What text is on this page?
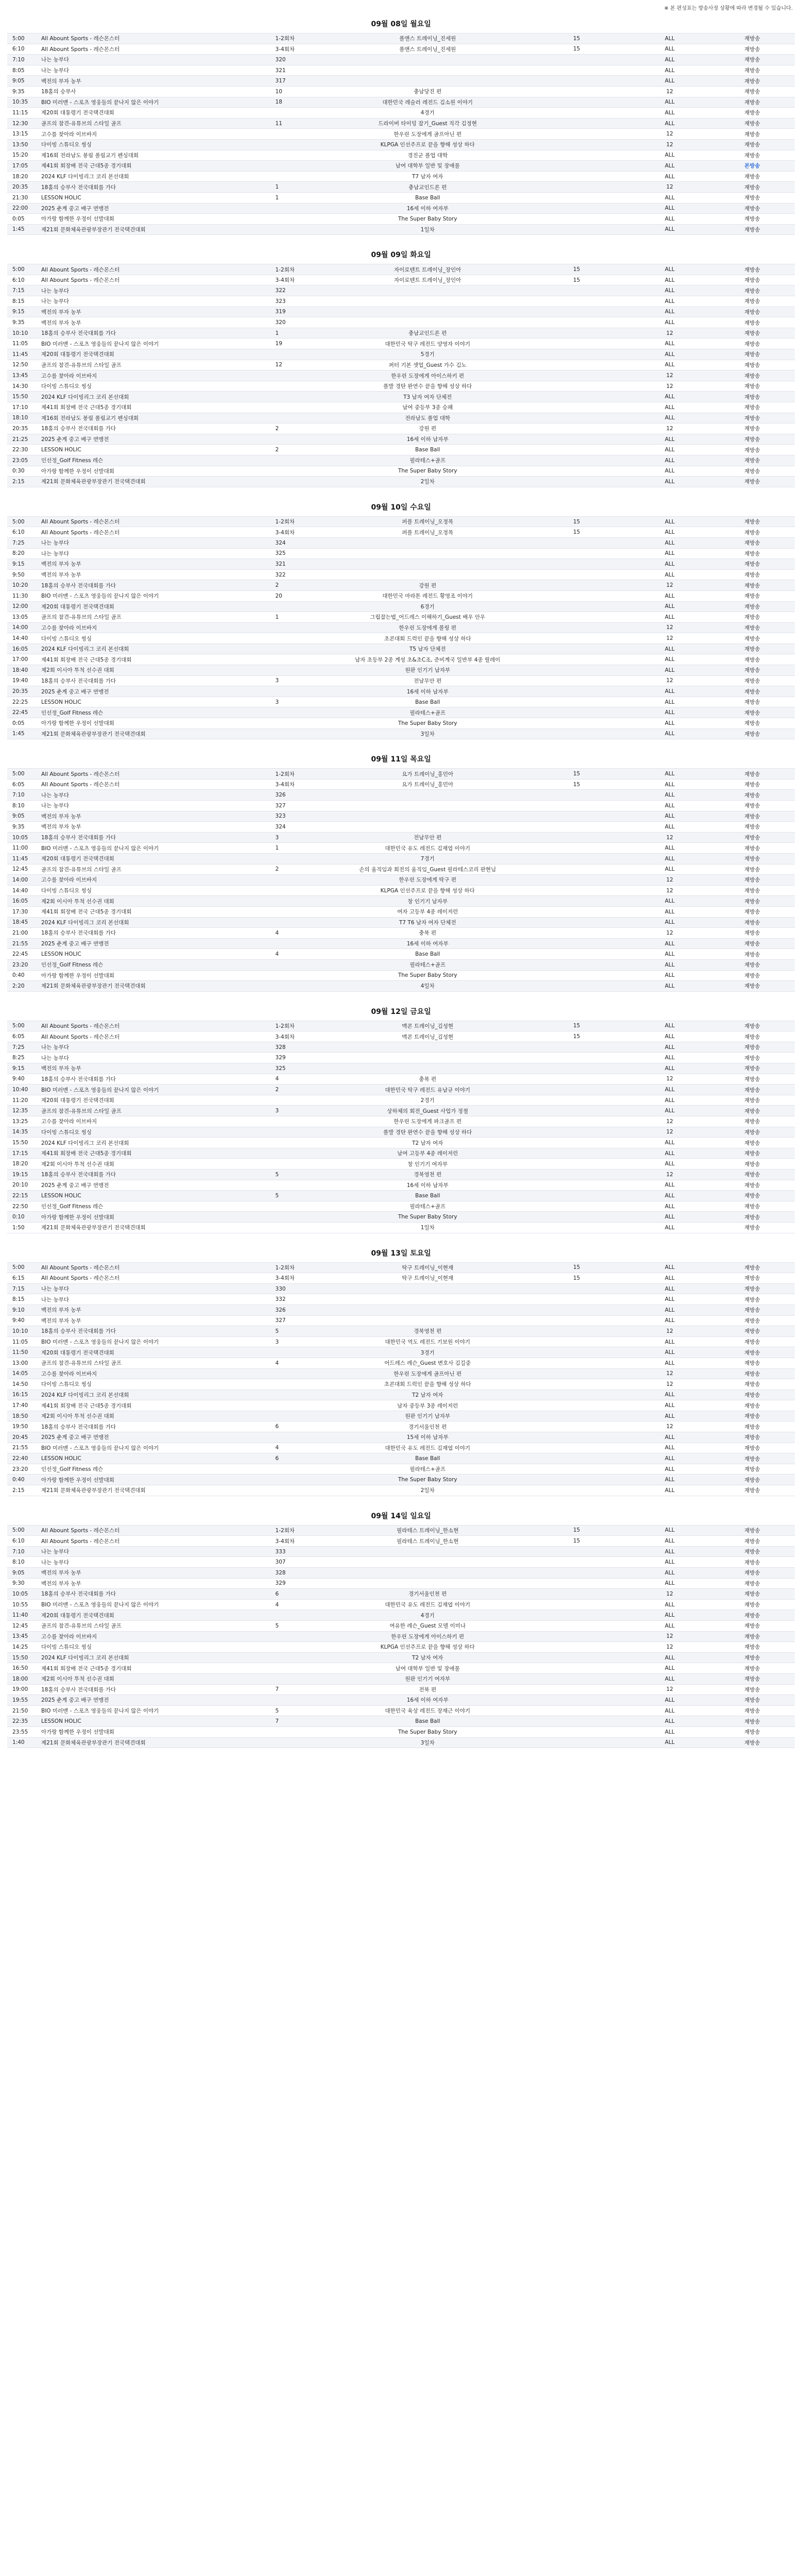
※ 본 편성표는 방송사정 상황에 따라 변경될 수 있습니다.
09월 08일 월요일
5:00	All Abount Sports - 레슨몬스터	1-2회차	폴앤스 트레이닝_진세원	15	ALL	재방송
6:10	All Abount Sports - 레슨몬스터	3-4회차	폴앤스 트레이닝_진세원	15	ALL	재방송
7:10	나는 농부다	320			ALL	재방송
8:05	나는 농부다	321			ALL	재방송
9:05	백전의 부자 농부	317			ALL	재방송
9:35	18홀의 승부사	10	충남당진 편		12	재방송
10:35	BIO 미러맨 - 스포츠 영웅들의 끝나지 않은 이야기	18	대한민국 레슬러 레전드 김소원 이야기		ALL	재방송
11:15	제20회 대통령기 전국택견대회		4경기		ALL	재방송
12:30	골프의 참견-유튜브의 스타일 골프	11	드라이버 타이밍 잡기_Guest 직각 김정현		ALL	재방송
13:15	고수를 찾아라 이브바지		한우린 도장에게 골프아닌 편		12	재방송
13:50	다이빙 스튜디오 씽싱		KLPGA 인선주프로 끝을 향해 성상 하다		12	재방송
15:20	제16회 전라남도 봉림 폴림교기 펜싱대회		경진군 폴업 대학		ALL	재방송
17:05	제41회 회장배 전국 근대5종 경기대회		남여 대학부 일반 및 장애물		ALL	본방송
18:20	2024 KLF 다이빙리그 코리 본선대회		T7 남자 여자		ALL	재방송
20:35	18홀의 승부사 전국대회를 가다	1	충남교인드론 편		12	재방송
21:30	LESSON HOLIC	1	Base Ball		ALL	재방송
22:00	2025 춘계 중고 배구 연맹전		16세 이하 여자부		ALL	재방송
0:05	아가랑 함께한 우정이 선발대회		The Super Baby Story		ALL	재방송
1:45	제21회 문화체육관광부장관기 전국택견대회		1일차		ALL	재방송
09월 09일 화요일
5:00	All Abount Sports - 레슨몬스터	1-2회차	자이로텐트 트레이닝_장인아	15	ALL	재방송
6:10	All Abount Sports - 레슨몬스터	3-4회차	자이로텐트 트레이닝_장인아	15	ALL	재방송
7:15	나는 농부다	322			ALL	재방송
8:15	나는 농부다	323			ALL	재방송
9:15	백전의 부자 농부	319			ALL	재방송
9:35	백전의 부자 농부	320			ALL	재방송
10:10	18홀의 승부사 전국대회를 가다	1	충남교인드론 편		12	재방송
11:05	BIO 미러맨 - 스포츠 영웅들의 끝나지 않은 이야기	19	대한민국 탁구 레전드 양영자 이야기		ALL	재방송
11:45	제20회 대통령기 전국택견대회		5경기		ALL	재방송
12:50	골프의 참견-유튜브의 스타일 골프	12	퍼터 기본 셋업_Guest 가수 김노		ALL	재방송
13:45	고수를 찾아라 이브바지		한우린 도장에게 아이스하키 편		12	재방송
14:30	다이빙 스튜디오 씽싱		폴발 경탄 완연수 끝을 향해 성상 하다		12	재방송
15:50	2024 KLF 다이빙리그 코리 본선대회		T3 남자 여자 단체전		ALL	재방송
17:10	제41회 회장배 전국 근대5종 경기대회		남여 중등부 3종 승패		ALL	재방송
18:10	제16회 전라남도 봉림 폴림교기 펜싱대회		전라남도 폴업 대학		ALL	재방송
20:35	18홀의 승부사 전국대회를 가다	2	강원 편		12	재방송
21:25	2025 춘계 중고 배구 연맹전		16세 이하 남자부		ALL	재방송
22:30	LESSON HOLIC	2	Base Ball		ALL	재방송
23:05	인선정_Golf Fitness 레슨		필라테스+골프		ALL	재방송
0:30	아가랑 함께한 우정이 선발대회		The Super Baby Story		ALL	재방송
2:15	제21회 문화체육관광부장관기 전국택견대회		2일차		ALL	재방송
09월 10일 수요일
5:00	All Abount Sports - 레슨몬스터	1-2회차	퍼플 트레이닝_오정목	15	ALL	재방송
6:10	All Abount Sports - 레슨몬스터	3-4회차	퍼플 트레이닝_오정목	15	ALL	재방송
7:25	나는 농부다	324			ALL	재방송
8:20	나는 농부다	325			ALL	재방송
9:15	백전의 부자 농부	321			ALL	재방송
9:50	백전의 부자 농부	322			ALL	재방송
10:20	18홀의 승부사 전국대회를 가다	2	강원 편		12	재방송
11:30	BIO 미러맨 - 스포츠 영웅들의 끝나지 않은 이야기	20	대한민국 마라톤 레전드 황영조 이야기		ALL	재방송
12:00	제20회 대통령기 전국택견대회		6경기		ALL	재방송
13:05	골프의 참견-유튜브의 스타일 골프	1	그립잡는법_어드레스 이해하기_Guest 배우 안우		ALL	재방송
14:00	고수를 찾아라 이브바지		한우린 도장에게 볼링 편		12	재방송
14:40	다이빙 스튜디오 씽싱		초콘대회 드럭인 끝을 향해 성상 하다		12	재방송
16:05	2024 KLF 다이빙리그 코리 본선대회		T5 남자 단체전		ALL	재방송
17:00	제41회 회장배 전국 근대5종 경기대회		남자 초등부 2종 계성 초&초C조, 준비계국 일반부 4종 릴레이		ALL	재방송
18:40	제2회 이시아 투척 선수권 대회		원판 인기기 남자부		ALL	재방송
19:40	18홀의 승부사 전국대회를 가다	3	전남무안 편		12	재방송
20:35	2025 춘계 중고 배구 연맹전		16세 이하 남자부		ALL	재방송
22:25	LESSON HOLIC	3	Base Ball		ALL	재방송
22:45	인선정_Golf Fitness 레슨		필라테스+골프		ALL	재방송
0:05	아가랑 함께한 우정이 선발대회		The Super Baby Story		ALL	재방송
1:45	제21회 문화체육관광부장관기 전국택견대회		3일차		ALL	재방송
09월 11일 목요일
5:00	All Abount Sports - 레슨몬스터	1-2회차	요가 트레이닝_홍민아	15	ALL	재방송
6:05	All Abount Sports - 레슨몬스터	3-4회차	요가 트레이닝_홍민아	15	ALL	재방송
7:10	나는 농부다	326			ALL	재방송
8:10	나는 농부다	327			ALL	재방송
9:05	백전의 부자 농부	323			ALL	재방송
9:35	백전의 부자 농부	324			ALL	재방송
10:05	18홀의 승부사 전국대회를 가다	3	전남무안 편		12	재방송
11:00	BIO 미러맨 - 스포츠 영웅들의 끝나지 않은 이야기	1	대한민국 유도 레전드 김재엽 이야기		ALL	재방송
11:45	제20회 대통령기 전국택견대회		7경기		ALL	재방송
12:45	골프의 참견-유튜브의 스타일 골프	2	손의 움직임과 회전의 움직임_Guest 필라테스코리 판현님		ALL	재방송
14:00	고수를 찾아라 이브바지		한우린 도장에게 탁구 편		12	재방송
14:40	다이빙 스튜디오 씽싱		KLPGA 인선주프로 끝을 향해 성상 하다		12	재방송
16:05	제2회 이시아 투척 선수권 대회		창 인기기 남자부		ALL	재방송
17:30	제41회 회장배 전국 근대5종 경기대회		여자 고등부 4종 레이저런		ALL	재방송
18:45	2024 KLF 다이빙리그 코리 본선대회		T7 T6 남자 여자 단체전		ALL	재방송
21:00	18홀의 승부사 전국대회를 가다	4	충북 편		12	재방송
21:55	2025 춘계 중고 배구 연맹전		16세 이하 여자부		ALL	재방송
22:45	LESSON HOLIC	4	Base Ball		ALL	재방송
23:20	인선정_Golf Fitness 레슨		필라테스+골프		ALL	재방송
0:40	아가랑 함께한 우정이 선발대회		The Super Baby Story		ALL	재방송
2:20	제21회 문화체육관광부장관기 전국택견대회		4일차		ALL	재방송
09월 12일 금요일
5:00	All Abount Sports - 레슨몬스터	1-2회차	맥콘 트레이닝_김성현	15	ALL	재방송
6:05	All Abount Sports - 레슨몬스터	3-4회차	맥콘 트레이닝_김성현	15	ALL	재방송
7:25	나는 농부다	328			ALL	재방송
8:25	나는 농부다	329			ALL	재방송
9:15	백전의 부자 농부	325			ALL	재방송
9:40	18홀의 승부사 전국대회를 가다	4	충북 편		12	재방송
10:40	BIO 미러맨 - 스포츠 영웅들의 끝나지 않은 이야기	2	대한민국 탁구 레전드 유남규 이야기		ALL	재방송
11:20	제20회 대통령기 전국택견대회		2경기		ALL	재방송
12:35	골프의 참견-유튜브의 스타일 골프	3	상하체의 회전_Guest 사업가 정철		ALL	재방송
13:25	고수를 찾아라 이브바지		한우린 도장에게 파크골프 편		12	재방송
14:35	다이빙 스튜디오 씽싱		폴발 경탄 완연수 끝을 향해 성상 하다		12	재방송
15:50	2024 KLF 다이빙리그 코리 본선대회		T2 남자 여자		ALL	재방송
17:15	제41회 회장배 전국 근대5종 경기대회		남여 고등부 4종 레이저런		ALL	재방송
18:20	제2회 이시아 투척 선수권 대회		창 인기기 여자부		ALL	재방송
19:15	18홀의 승부사 전국대회를 가다	5	경북영천 편		12	재방송
20:10	2025 춘계 중고 배구 연맹전		16세 이하 남자부		ALL	재방송
22:15	LESSON HOLIC	5	Base Ball		ALL	재방송
22:50	인선정_Golf Fitness 레슨		필라테스+골프		ALL	재방송
0:10	아가랑 함께한 우정이 선발대회		The Super Baby Story		ALL	재방송
1:50	제21회 문화체육관광부장관기 전국택견대회		1일차		ALL	재방송
09월 13일 토요일
5:00	All Abount Sports - 레슨몬스터	1-2회차	탁구 트레이닝_이현재	15	ALL	재방송
6:15	All Abount Sports - 레슨몬스터	3-4회차	탁구 트레이닝_이현재	15	ALL	재방송
7:15	나는 농부다	330			ALL	재방송
8:15	나는 농부다	332			ALL	재방송
9:10	백전의 부자 농부	326			ALL	재방송
9:40	백전의 부자 농부	327			ALL	재방송
10:10	18홀의 승부사 전국대회를 가다	5	경북영천 편		12	재방송
11:05	BIO 미러맨 - 스포츠 영웅들의 끝나지 않은 이야기	3	대한민국 역도 레전드 기보원 이야기		ALL	재방송
11:50	제20회 대통령기 전국택견대회		3경기		ALL	재방송
13:00	골프의 참견-유튜브의 스타일 골프	4	어드레스 레슨_Guest 변호사 김길중		ALL	재방송
14:05	고수를 찾아라 이브바지		한우린 도장에게 골프아닌 편		12	재방송
14:50	다이빙 스튜디오 씽싱		초콘대회 드럭인 끝을 향해 성상 하다		12	재방송
16:15	2024 KLF 다이빙리그 코리 본선대회		T2 남자 여자		ALL	재방송
17:40	제41회 회장배 전국 근대5종 경기대회		남자 중등부 3종 레이저런		ALL	재방송
18:50	제2회 이시아 투척 선수권 대회		원판 인기기 남자부		ALL	재방송
19:50	18홀의 승부사 전국대회를 가다	6	경기서울인천 편		12	재방송
20:45	2025 춘계 중고 배구 연맹전		15세 이하 남자부		ALL	재방송
21:55	BIO 미러맨 - 스포츠 영웅들의 끝나지 않은 이야기	4	대한민국 유도 레전드 김재엽 이야기		ALL	재방송
22:40	LESSON HOLIC	6	Base Ball		ALL	재방송
23:20	인선정_Golf Fitness 레슨		필라테스+골프		ALL	재방송
0:40	아가랑 함께한 우정이 선발대회		The Super Baby Story		ALL	재방송
2:15	제21회 문화체육관광부장관기 전국택견대회		2일차		ALL	재방송
09월 14일 일요일
5:00	All Abount Sports - 레슨몬스터	1-2회차	필라테스 트레이닝_한소현	15	ALL	재방송
6:10	All Abount Sports - 레슨몬스터	3-4회차	필라테스 트레이닝_한소현	15	ALL	재방송
7:10	나는 농부다	333			ALL	재방송
8:10	나는 농부다	307			ALL	재방송
9:05	백전의 부자 농부	328			ALL	재방송
9:30	백전의 부자 농부	329			ALL	재방송
10:05	18홀의 승부사 전국대회를 가다	6	경기서울인천 편		12	재방송
10:55	BIO 미러맨 - 스포츠 영웅들의 끝나지 않은 이야기	4	대한민국 유도 레전드 김재엽 이야기		ALL	재방송
11:40	제20회 대통령기 전국택견대회		4경기		ALL	재방송
12:45	골프의 참견-유튜브의 스타일 골프	5	여유한 레슨_Guest 모델 이미나		ALL	재방송
13:45	고수를 찾아라 이브바지		한우린 도장에게 아이스하키 편		12	재방송
14:25	다이빙 스튜디오 씽싱		KLPGA 인선주프로 끝을 향해 성상 하다		12	재방송
15:50	2024 KLF 다이빙리그 코리 본선대회		T2 남자 여자		ALL	재방송
16:50	제41회 회장배 전국 근대5종 경기대회		남여 대학부 일반 및 장애물		ALL	재방송
18:00	제2회 이시아 투척 선수권 대회		원판 인기기 여자부		ALL	재방송
19:00	18홀의 승부사 전국대회를 가다	7	전북 편		12	재방송
19:55	2025 춘계 중고 배구 연맹전		16세 이하 여자부		ALL	재방송
21:50	BIO 미러맨 - 스포츠 영웅들의 끝나지 않은 이야기	5	대한민국 육상 레전드 장재근 이야기		ALL	재방송
22:35	LESSON HOLIC	7	Base Ball		ALL	재방송
23:55	아가랑 함께한 우정이 선발대회		The Super Baby Story		ALL	재방송
1:40	제21회 문화체육관광부장관기 전국택견대회		3일차		ALL	재방송
